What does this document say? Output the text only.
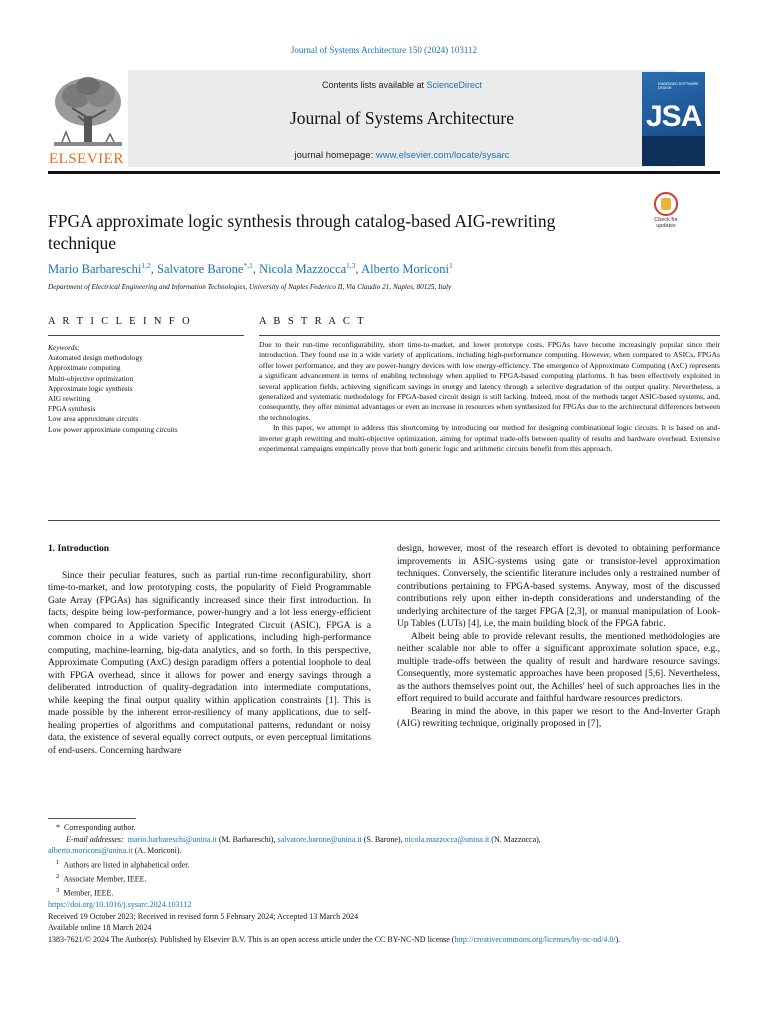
Journal of Systems Architecture 150 (2024) 103112
ELSEVIER
Contents lists available at ScienceDirect
Journal of Systems Architecture
journal homepage: www.elsevier.com/locate/sysarc
EMBEDDED SOFTWARE DESIGN
JSA
FPGA approximate logic synthesis through catalog-based AIG-rewriting technique
Check for updates
Mario Barbareschi$^{1,2}$, Salvatore Barone$^{*,1}$, Nicola Mazzocca$^{1,3}$, Alberto Moriconi$^1$
Department of Electrical Engineering and Information Technologies, University of Naples Federico II, Via Claudio 21, Naples, 80125, Italy
A R T I C L E I N F O	A B S T R A C T
Keywords:
Automated design methodology
Approximate computing
Multi-objective optimization
Approximate logic synthesis
AIG rewriting
FPGA synthesis
Low area approximate circuits
Low power approximate computing circuits

Due to their run-time reconfigurability, short time-to-market, and lower prototype costs, FPGAs have become increasingly popular since their introduction. They found use in a wide variety of applications, including high-performance computing. However, when compared to ASICs, FPGAs offer lower performance, and they are power-hungry devices with low energy-efficiency. The emergence of Approximate Computing (AxC) represents a significant advancement in terms of enabling technology when applied to FPGA-based computing platforms. It has been effectively exploited in several application fields, achieving significant savings in energy and latency through a selective degradation of the output quality. Nevertheless, a generalized and systematic methodology for FPGA-based circuit design is still lacking. Indeed, most of the methods target ASIC-based systems, and, consequently, they offer minimal advantages or even an increase in resources when synthesized for FPGAs due to the architectural differences between the technologies.

In this paper, we attempt to address this shortcoming by introducing our method for designing combinational logic circuits. It is based on and-inverter graph rewriting and multi-objective optimization, aiming for optimal trade-offs between quality of results and hardware overhead. Extensive experimental campaigns empirically prove that both generic logic and arithmetic circuits benefit from this approach.

1. Introduction

Since their peculiar features, such as partial run-time reconfigurability, short time-to-market, and low prototyping costs, the popularity of Field Programmable Gate Array (FPGAs) has significantly increased since their first introduction. In facts, despite being low-performance, power-hungry and a lot less energy-efficient when compared to Application Specific Integrated Circuit (ASIC), FPGA is a common choice in a wide variety of applications, including high-performance computing, machine-learning, big-data analytics, and so forth. In this perspective, Approximate Computing (AxC) design paradigm offers a potential loophole to deal with FPGA overhead, since it allows for power and energy savings through a deliberated introduction of quality-degradation into intermediate computations, while keeping the final output quality within application constraints [1]. This is made possible by the inherent error-resiliency of many applications, due to self-healing properties of algorithms and computational patterns, redundant or noisy data, the existence of several equally correct outputs, or even perceptual limitations of end-users. Concerning hardware

design, however, most of the research effort is devoted to obtaining performance improvements in ASIC-systems using gate or transistor-level approximation techniques. Conversely, the scientific literature includes only a restrained number of contributions pertaining to FPGA-based systems. Anyway, most of the discussed contributions rely upon either in-depth considerations and understanding of the underlying architecture of the target FPGA [2,3], or manual manipulation of Look-Up Tables (LUTs) [4], i.e, the main building block of the FPGA fabric.

Albeit being able to provide relevant results, the mentioned methodologies are neither scalable nor able to offer a significant approximate solution space, e.g., multiple trade-offs between the quality of result and hardware resource savings. Consequently, more systematic approaches have been proposed [5,6]. Nevertheless, as the authors themselves point out, the Achilles' heel of such approaches lies in the effort required to build accurate and faithful hardware resources predictors.

Bearing in mind the above, in this paper we resort to the And-Inverter Graph (AIG) rewriting technique, originally proposed in [7],

*  Corresponding author.
E-mail addresses: mario.barbareschi@unina.it (M. Barbareschi), salvatore.barone@unina.it (S. Barone), nicola.mazzocca@unina.it (N. Mazzocca),
alberto.moriconi@unina.it (A. Moriconi).
$^1$ Authors are listed in alphabetical order.
$^2$ Associate Member, IEEE.
$^3$ Member, IEEE.
https://doi.org/10.1016/j.sysarc.2024.103112
Received 19 October 2023; Received in revised form 5 February 2024; Accepted 13 March 2024
Available online 18 March 2024
1383-7621/© 2024 The Author(s). Published by Elsevier B.V. This is an open access article under the CC BY-NC-ND license (http://creativecommons.org/licenses/by-nc-nd/4.0/).
